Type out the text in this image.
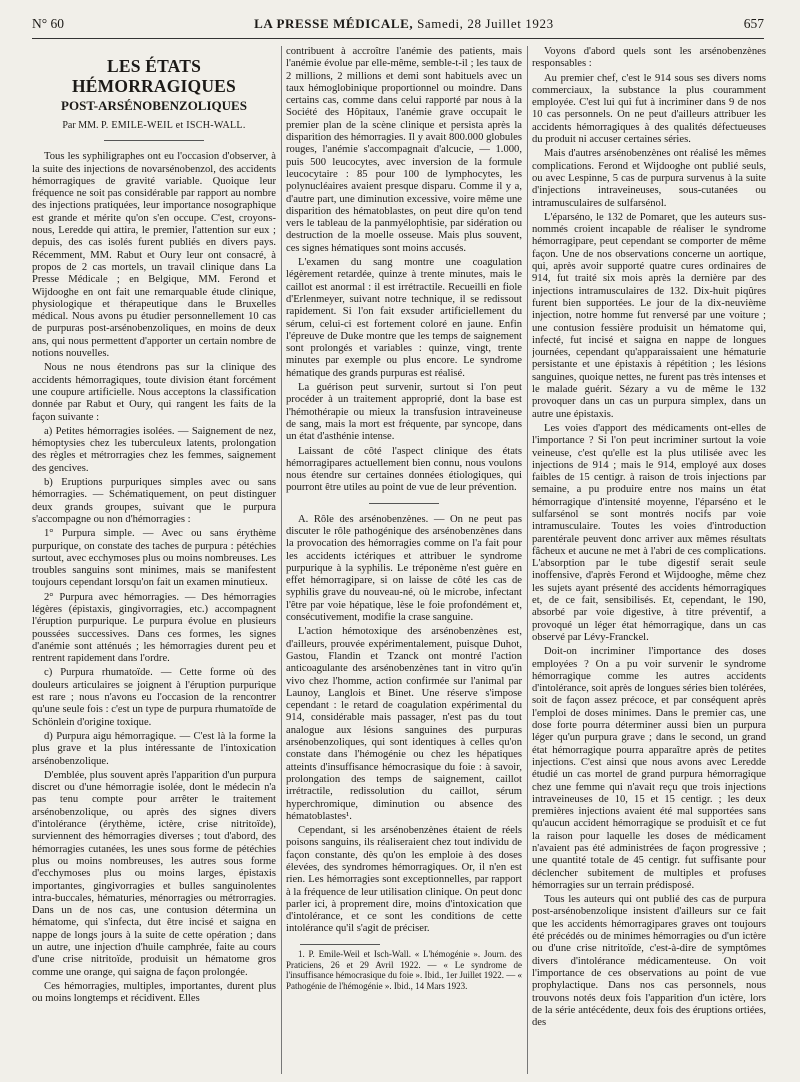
N° 60	LA PRESSE MÉDICALE, Samedi, 28 Juillet 1923	657
LES ÉTATS HÉMORRAGIQUES
POST-ARSÉNOBENZOLIQUES
Par MM. P. EMILE-WEIL et ISCH-WALL.

Tous les syphiligraphes ont eu l'occasion d'observer, à la suite des injections de novarsénobenzol, des accidents hémorragiques de gravité variable. Quoique leur fréquence ne soit pas considérable par rapport au nombre des injections pratiquées, leur importance nosographique est grande et mérite qu'on s'en occupe. C'est, croyons-nous, Leredde qui attira, le premier, l'attention sur eux ; depuis, des cas isolés furent publiés en divers pays. Récemment, MM. Rabut et Oury leur ont consacré, à propos de 2 cas mortels, un travail clinique dans La Presse Médicale ; en Belgique, MM. Ferond et Wijdooghe en ont fait une remarquable étude clinique, physiologique et thérapeutique dans le Bruxelles médical. Nous avons pu étudier personnellement 10 cas de purpuras post-arsénobenzoliques, en moins de deux ans, qui nous permettent d'apporter un certain nombre de notions nouvelles.

Nous ne nous étendrons pas sur la clinique des accidents hémorragiques, toute division étant forcément une coupure artificielle. Nous acceptons la classification donnée par Rabut et Oury, qui rangent les faits de la façon suivante :

a) Petites hémorragies isolées. — Saignement de nez, hémoptysies chez les tuberculeux latents, prolongation des règles et métrorragies chez les femmes, saignement des gencives.

b) Eruptions purpuriques simples avec ou sans hémorragies. — Schématiquement, on peut distinguer deux grands groupes, suivant que le purpura s'accompagne ou non d'hémorragies :

1° Purpura simple. — Avec ou sans érythème purpurique, on constate des taches de purpura : pétéchies surtout, avec ecchymoses plus ou moins nombreuses. Les troubles sanguins sont minimes, mais se manifestent toujours cependant lorsqu'on fait un examen minutieux.

2° Purpura avec hémorragies. — Des hémorragies légères (épistaxis, gingivorragies, etc.) accompagnent l'éruption purpurique. Le purpura évolue en plusieurs poussées successives. Dans ces formes, les signes d'anémie sont atténués ; les hémorragies durent peu et rentrent rapidement dans l'ordre.

c) Purpura rhumatoïde. — Cette forme où des douleurs articulaires se joignent à l'éruption purpurique est rare ; nous n'avons eu l'occasion de la rencontrer qu'une seule fois : c'est un type de purpura rhumatoïde de Schönlein d'origine toxique.

d) Purpura aigu hémorragique. — C'est là la forme la plus grave et la plus intéressante de l'intoxication arsénobenzolique.

D'emblée, plus souvent après l'apparition d'un purpura discret ou d'une hémorragie isolée, dont le médecin n'a pas tenu compte pour arrêter le traitement arsénobenzolique, ou après des signes divers d'intolérance (érythème, ictère, crise nitritoïde), surviennent des hémorragies diverses ; tout d'abord, des hémorragies cutanées, les unes sous forme de pétéchies plus ou moins nombreuses, les autres sous forme d'ecchymoses plus ou moins larges, épistaxis importantes, gingivorragies et bulles sanguinolentes intra-buccales, hématuries, ménorragies ou métrorragies. Dans un de nos cas, une contusion détermina un hématome, qui s'infecta, dut être incisé et saigna en nappe de longs jours à la suite de cette opération ; dans un autre, une injection d'huile camphrée, faite au cours d'une crise nitritoïde, produisit un hématome gros comme une orange, qui saigna de façon prolongée.

Ces hémorragies, multiples, importantes, durent plus ou moins longtemps et récidivent. Elles

contribuent à accroître l'anémie des patients, mais l'anémie évolue par elle-même, semble-t-il ; les taux de 2 millions, 2 millions et demi sont habituels avec un taux hémoglobinique proportionnel ou moindre. Dans certains cas, comme dans celui rapporté par nous à la Société des Hôpitaux, l'anémie grave occupait le premier plan de la scène clinique et persista après la disparition des hémorragies. Il y avait 800.000 globules rouges, l'anémie s'accompagnait d'alcucie, — 1.000, puis 500 leucocytes, avec inversion de la formule leucocytaire : 85 pour 100 de lymphocytes, les polynucléaires avaient presque disparu. Comme il y a, d'autre part, une diminution excessive, voire même une disparition des hématoblastes, on peut dire qu'on tend vers le tableau de la panmyélophtisie, par sidération ou destruction de la moelle osseuse. Mais plus souvent, ces signes hématiques sont moins accusés.

L'examen du sang montre une coagulation légèrement retardée, quinze à trente minutes, mais le caillot est anormal : il est irrétractile. Recueilli en fiole d'Erlenmeyer, suivant notre technique, il se redissout rapidement. Si l'on fait exsuder artificiellement du sérum, celui-ci est fortement coloré en jaune. Enfin l'épreuve de Duke montre que les temps de saignement sont prolongés et variables : quinze, vingt, trente minutes par exemple ou plus encore. Le syndrome hématique des grands purpuras est réalisé.

La guérison peut survenir, surtout si l'on peut procéder à un traitement approprié, dont la base est l'hémothérapie ou mieux la transfusion intraveineuse de sang, mais la mort est fréquente, par syncope, dans un état d'asthénie intense.

Laissant de côté l'aspect clinique des états hémorragipares actuellement bien connu, nous voulons nous étendre sur certaines données étiologiques, qui pourront être utiles au point de vue de leur prévention.

A. Rôle des arsénobenzènes. — On ne peut pas discuter le rôle pathogénique des arsénobenzènes dans la provocation des hémorragies comme on l'a fait pour les accidents ictériques et attribuer le syndrome purpurique à la syphilis. Le tréponème n'est guère en effet hémorragipare, si on laisse de côté les cas de syphilis grave du nouveau-né, où le microbe, infectant l'être par voie hépatique, lèse le foie profondément et, consécutivement, modifie la crase sanguine.

L'action hémotoxique des arsénobenzènes est, d'ailleurs, prouvée expérimentalement, puisque Duhot, Gastou, Flandin et Tzanck ont montré l'action anticoagulante des arsénobenzènes tant in vitro qu'in vivo chez l'homme, action confirmée sur l'animal par Launoy, Langlois et Binet. Une réserve s'impose cependant : le retard de coagulation expérimental du 914, considérable mais passager, n'est pas du tout analogue aux lésions sanguines des purpuras arsénobenzoliques, qui sont identiques à celles qu'on constate dans l'hémogénie ou chez les hépatiques atteints d'insuffisance hémocrasique du foie : à savoir, prolongation des temps de saignement, caillot irrétractile, redissolution du caillot, sérum hyperchromique, diminution ou absence des hématoblastes¹.

Cependant, si les arsénobenzènes étaient de réels poisons sanguins, ils réaliseraient chez tout individu de façon constante, dès qu'on les emploie à des doses élevées, des syndromes hémorragiques. Or, il n'en est rien. Les hémorragies sont exceptionnelles, par rapport à la fréquence de leur utilisation clinique. On peut donc parler ici, à proprement dire, moins d'intoxication que d'intolérance, et ce sont les conditions de cette intolérance qu'il s'agit de préciser.

1. P. Emile-Weil et Isch-Wall. « L'hémogénie ». Journ. des Praticiens, 26 et 29 Avril 1922. — « Le syndrome de l'insuffisance hémocrasique du foie ». Ibid., 1er Juillet 1922. — « Pathogénie de l'hémogénie ». Ibid., 14 Mars 1923.

Voyons d'abord quels sont les arsénobenzènes responsables :

Au premier chef, c'est le 914 sous ses divers noms commerciaux, la substance la plus couramment employée. C'est lui qui fut à incriminer dans 9 de nos 10 cas personnels. On ne peut d'ailleurs attribuer les accidents hémorragiques à des qualités défectueuses du produit ni accuser certaines séries.

Mais d'autres arsénobenzènes ont réalisé les mêmes complications. Ferond et Wijdooghe ont publié seuls, ou avec Lespinne, 5 cas de purpura survenus à la suite d'injections intraveineuses, sous-cutanées ou intramusculaires de sulfarsénol.

L'éparséno, le 132 de Pomaret, que les auteurs sus-nommés croient incapable de réaliser le syndrome hémorragipare, peut cependant se comporter de même façon. Une de nos observations concerne un aortique, qui, après avoir supporté quatre cures ordinaires de 914, fut traité six mois après la dernière par des injections intramusculaires de 132. Dix-huit piqûres furent bien supportées. Le jour de la dix-neuvième injection, notre homme fut renversé par une voiture ; une contusion fessière produisit un hématome qui, infecté, fut incisé et saigna en nappe de longues journées, cependant qu'apparaissaient une hématurie persistante et une épistaxis à répétition ; les lésions sanguines, quoique nettes, ne furent pas très intenses et le malade guérit. Sézary a vu de même le 132 provoquer dans un cas un purpura simplex, dans un autre une épistaxis.

Les voies d'apport des médicaments ont-elles de l'importance ? Si l'on peut incriminer surtout la voie veineuse, c'est qu'elle est la plus utilisée avec les injections de 914 ; mais le 914, employé aux doses faibles de 15 centigr. à raison de trois injections par semaine, a pu produire entre nos mains un état hémorragique d'intensité moyenne, l'éparséno et le sulfarsénol se sont montrés nocifs par voie intramusculaire. Toutes les voies d'introduction parentérale peuvent donc arriver aux mêmes résultats fâcheux et aucune ne met à l'abri de ces complications. L'absorption par le tube digestif serait seule inoffensive, d'après Ferond et Wijdooghe, même chez les sujets ayant présenté des accidents hémorragiques et, de ce fait, sensibilisés. Et, cependant, le 190, absorbé par voie digestive, à titre préventif, a provoqué un léger état hémorragique, dans un cas observé par Lévy-Franckel.

Doit-on incriminer l'importance des doses employées ? On a pu voir survenir le syndrome hémorragique comme les autres accidents d'intolérance, soit après de longues séries bien tolérées, soit de façon assez précoce, et par conséquent après l'emploi de doses minimes. Dans le premier cas, une dose forte pourra déterminer aussi bien un purpura léger qu'un purpura grave ; dans le second, un grand état hémorragique pourra apparaître après de petites injections. C'est ainsi que nous avons avec Leredde étudié un cas mortel de grand purpura hémorragique chez une femme qui n'avait reçu que trois injections intraveineuses de 10, 15 et 15 centigr. ; les deux premières injections avaient été mal supportées sans qu'aucun accident hémorragique se produisît et ce fut la raison pour laquelle les doses de médicament n'avaient pas été administrées de façon progressive ; une quantité totale de 45 centigr. fut suffisante pour déclencher subitement de multiples et profuses hémorragies sur un terrain prédisposé.

Tous les auteurs qui ont publié des cas de purpura post-arsénobenzolique insistent d'ailleurs sur ce fait que les accidents hémorragipares graves ont toujours été précédés ou de minimes hémorragies ou d'un ictère ou d'une crise nitritoïde, c'est-à-dire de symptômes divers d'intolérance médicamenteuse. On voit l'importance de ces observations au point de vue prophylactique. Dans nos cas personnels, nous trouvons notés deux fois l'apparition d'un ictère, lors de la série antécédente, deux fois des éruptions ortiées, des
